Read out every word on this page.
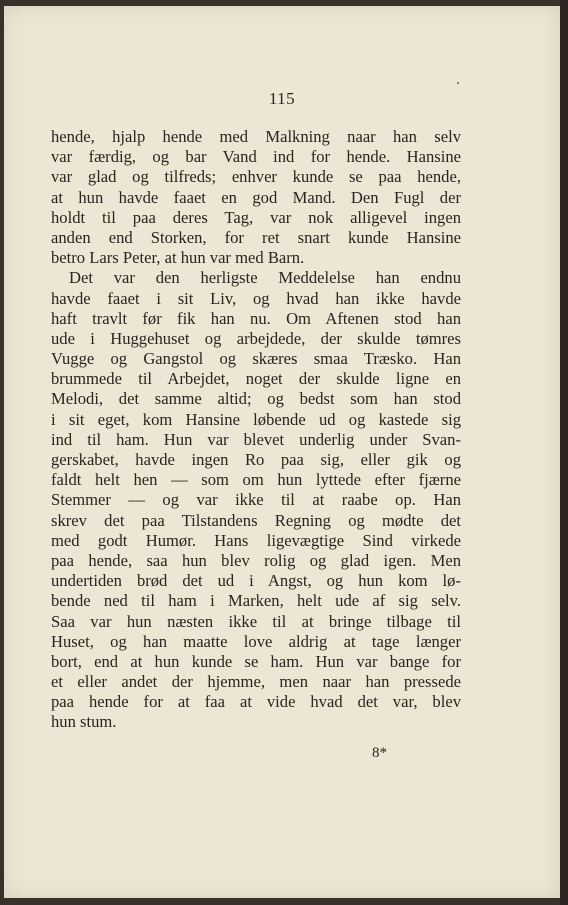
115
hende, hjalp hende med Malkning naar han selv
var færdig, og bar Vand ind for hende. Hansine
var glad og tilfreds; enhver kunde se paa hende,
at hun havde faaet en god Mand. Den Fugl der
holdt til paa deres Tag, var nok alligevel ingen
anden end Storken, for ret snart kunde Hansine
betro Lars Peter, at hun var med Barn.
Det var den herligste Meddelelse han endnu
havde faaet i sit Liv, og hvad han ikke havde
haft travlt før fik han nu. Om Aftenen stod han
ude i Huggehuset og arbejdede, der skulde tømres
Vugge og Gangstol og skæres smaa Træsko. Han
brummede til Arbejdet, noget der skulde ligne en
Melodi, det samme altid; og bedst som han stod
i sit eget, kom Hansine løbende ud og kastede sig
ind til ham. Hun var blevet underlig under Svan-
gerskabet, havde ingen Ro paa sig, eller gik og
faldt helt hen — som om hun lyttede efter fjærne
Stemmer — og var ikke til at raabe op. Han
skrev det paa Tilstandens Regning og mødte det
med godt Humør. Hans ligevægtige Sind virkede
paa hende, saa hun blev rolig og glad igen. Men
undertiden brød det ud i Angst, og hun kom lø-
bende ned til ham i Marken, helt ude af sig selv.
Saa var hun næsten ikke til at bringe tilbage til
Huset, og han maatte love aldrig at tage længer
bort, end at hun kunde se ham. Hun var bange for
et eller andet der hjemme, men naar han pressede
paa hende for at faa at vide hvad det var, blev
hun stum.
8*
